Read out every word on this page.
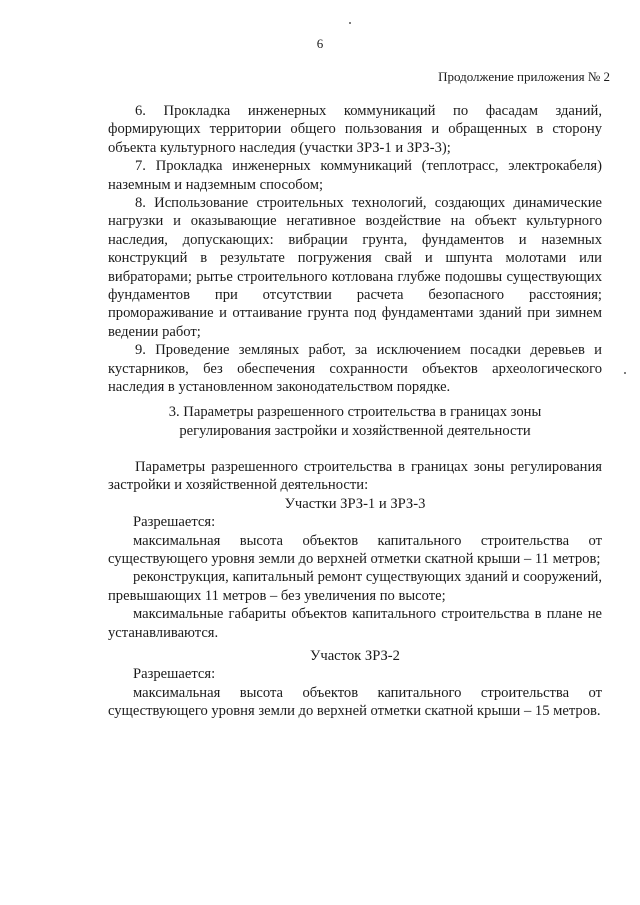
6
Продолжение приложения № 2

6. Прокладка инженерных коммуникаций по фасадам зданий, формирующих территории общего пользования и обращенных в сторону объекта культурного наследия (участки ЗРЗ-1 и ЗРЗ-3);

7. Прокладка инженерных коммуникаций (теплотрасс, электрокабеля) наземным и надземным способом;

8. Использование строительных технологий, создающих динамические нагрузки и оказывающие негативное воздействие на объект культурного наследия, допускающих: вибрации грунта, фундаментов и наземных конструкций в результате погружения свай и шпунта молотами или вибраторами; рытье строительного котлована глубже подошвы существующих фундаментов при отсутствии расчета безопасного расстояния; промораживание и оттаивание грунта под фундаментами зданий при зимнем ведении работ;

9. Проведение земляных работ, за исключением посадки деревьев и кустарников, без обеспечения сохранности объектов археологического наследия в установленном законодательством порядке.

3. Параметры разрешенного строительства в границах зоны
регулирования застройки и хозяйственной деятельности

Параметры разрешенного строительства в границах зоны регулирования застройки и хозяйственной деятельности:

Участки ЗРЗ-1 и ЗРЗ-3

Разрешается:

максимальная высота объектов капитального строительства от существующего уровня земли до верхней отметки скатной крыши – 11 метров;

реконструкция, капитальный ремонт существующих зданий и сооружений, превышающих 11 метров – без увеличения по высоте;

максимальные габариты объектов капитального строительства в плане не устанавливаются.

Участок ЗРЗ-2

Разрешается:

максимальная высота объектов капитального строительства от существующего уровня земли до верхней отметки скатной крыши – 15 метров.
